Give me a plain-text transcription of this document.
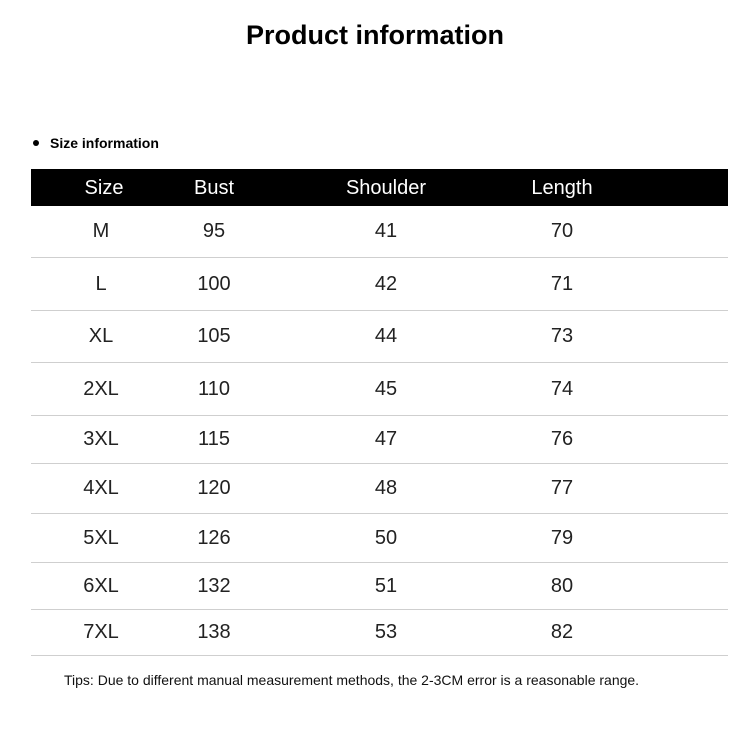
Product information
Size information
Size	Bust	Shoulder	Length
M	95	41	70
L	100	42	71
XL	105	44	73
2XL	110	45	74
3XL	115	47	76
4XL	120	48	77
5XL	126	50	79
6XL	132	51	80
7XL	138	53	82
Tips: Due to different manual measurement methods, the 2-3CM error is a reasonable range.
